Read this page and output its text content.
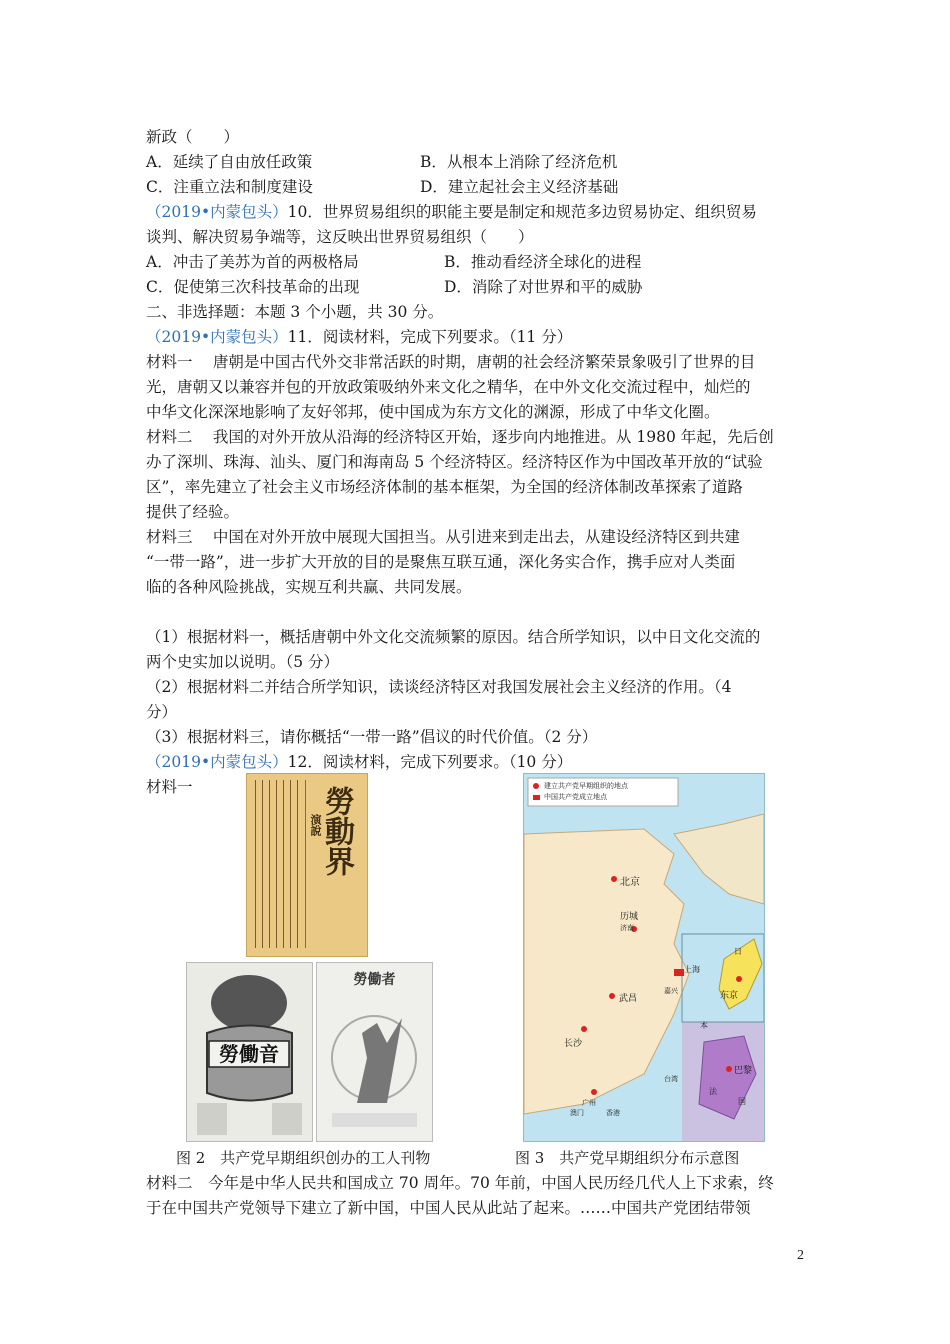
新政（　　）
A．延续了自由放任政策	B．从根本上消除了经济危机
C．注重立法和制度建设	D．建立起社会主义经济基础
（2019•内蒙包头）10．世界贸易组织的职能主要是制定和规范多边贸易协定、组织贸易
谈判、解决贸易争端等，这反映出世界贸易组织（　　）
A．冲击了美苏为首的两极格局	B．推动看经济全球化的进程
C．促使第三次科技革命的出现	D．消除了对世界和平的威胁
二、非选择题：本题 3 个小题，共 30 分。
（2019•内蒙包头）11．阅读材料，完成下列要求。（11 分）
材料一　 唐朝是中国古代外交非常活跃的时期，唐朝的社会经济繁荣景象吸引了世界的目
光，唐朝又以兼容并包的开放政策吸纳外来文化之精华，在中外文化交流过程中，灿烂的
中华文化深深地影响了友好邻邦，使中国成为东方文化的渊源，形成了中华文化圈。
材料二　 我国的对外开放从沿海的经济特区开始，逐步向内地推进。从 1980 年起，先后创
办了深圳、珠海、汕头、厦门和海南岛 5 个经济特区。经济特区作为中国改革开放的“试验
区”，率先建立了社会主义市场经济体制的基本框架，为全国的经济体制改革探索了道路
提供了经验。
材料三　 中国在对外开放中展现大国担当。从引进来到走出去，从建设经济特区到共建
“一带一路”，进一步扩大开放的目的是聚焦互联互通，深化务实合作，携手应对人类面
临的各种风险挑战，实规互利共赢、共同发展。
（1）根据材料一，概括唐朝中外文化交流频繁的原因。结合所学知识，以中日文化交流的
两个史实加以说明。（5 分）
（2）根据材料二并结合所学知识，读谈经济特区对我国发展社会主义经济的作用。（4
分）
（3）根据材料三，请你概括“一带一路”倡议的时代价值。（2 分）
（2019•内蒙包头）12．阅读材料，完成下列要求。（10 分）
材料一	勞動界
演說
勞働音
勞働者
建立共产党早期组织的地点
中国共产党成立地点
北京
历城
济南
武昌
长沙
上海
嘉兴
广州
香港
澳门
台湾
东京
日
本
巴黎
法
国
图 2　共产党早期组织创办的工人刊物	图 3　共产党早期组织分布示意图
材料二　今年是中华人民共和国成立 70 周年。70 年前，中国人民历经几代人上下求索，终
于在中国共产党领导下建立了新中国，中国人民从此站了起来。……中国共产党团结带领
2
